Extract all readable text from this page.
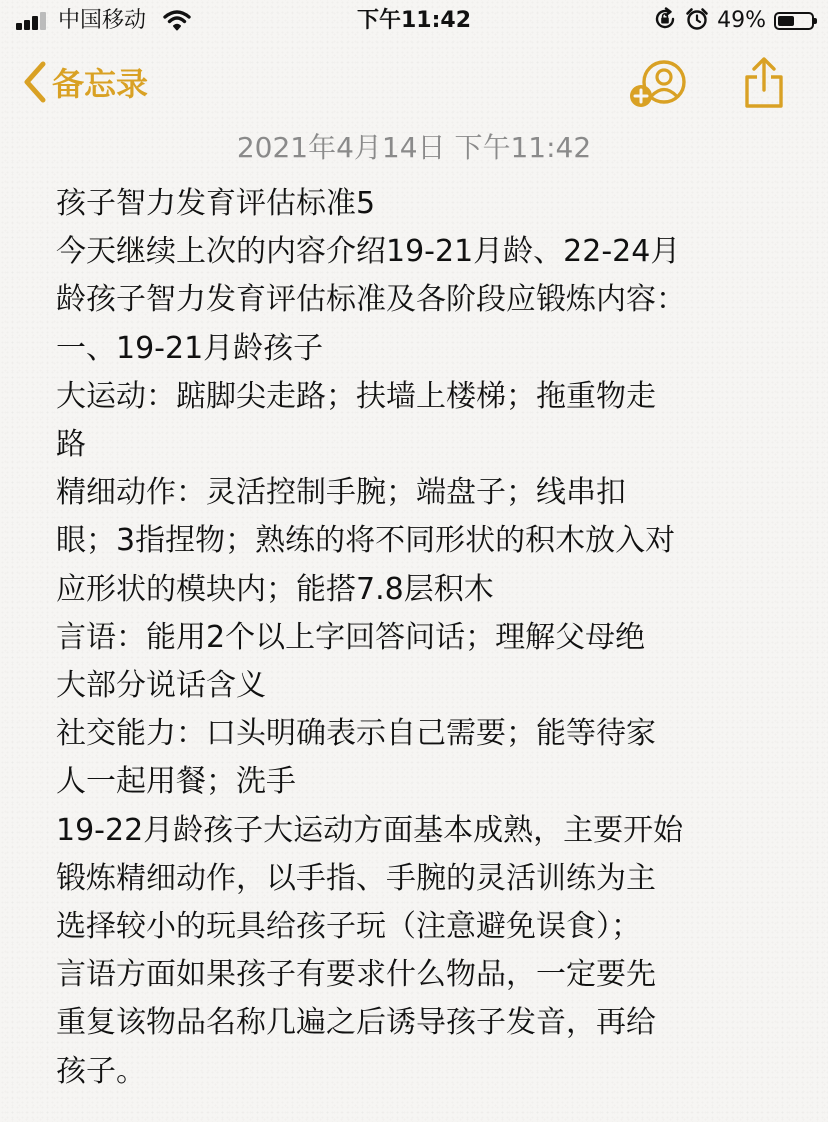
中国移动	下午11:42	49%
备忘录
2021年4月14日 下午11:42
孩子智力发育评估标准5
今天继续上次的内容介绍19-21月龄、22-24月
龄孩子智力发育评估标准及各阶段应锻炼内容：
一、19-21月龄孩子
大运动：踮脚尖走路；扶墙上楼梯；拖重物走
路
精细动作：灵活控制手腕；端盘子；线串扣
眼；3指捏物；熟练的将不同形状的积木放入对
应形状的模块内；能搭7.8层积木
言语：能用2个以上字回答问话；理解父母绝
大部分说话含义
社交能力：口头明确表示自己需要；能等待家
人一起用餐；洗手
19-22月龄孩子大运动方面基本成熟，主要开始
锻炼精细动作，以手指、手腕的灵活训练为主
选择较小的玩具给孩子玩（注意避免误食）；
言语方面如果孩子有要求什么物品，一定要先
重复该物品名称几遍之后诱导孩子发音，再给
孩子。
